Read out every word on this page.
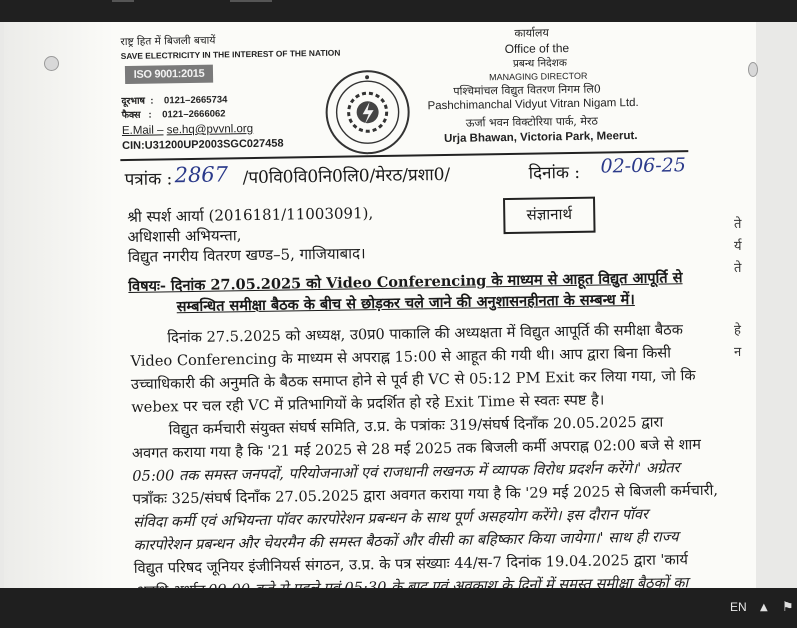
ते
र्य
ते
हे
न
राष्ट्र हित में बिजली बचायें
SAVE ELECTRICITY IN THE INTEREST OF THE NATION
ISO 9001:2015
दूरभाष  :    0121–2665734
फैक्स   :    0121–2666062
E.Mail – se.hq@pvvnl.org
CIN:U31200UP2003SGC027458
कार्यालय
Office of the
प्रबन्ध निदेशक
MANAGING DIRECTOR
पश्चिमांचल विद्युत वितरण निगम लि0
Pashchimanchal Vidyut Vitran Nigam Ltd.
ऊर्जा भवन विक्टोरिया पार्क, मेरठ
Urja Bhawan, Victoria Park, Meerut.
पत्रांक : 2867 /प0वि0वि0नि0लि0/मेरठ/प्रशा0/	दिनांक : 02-06-25
श्री स्पर्श आर्या (2016181/11003091),
अधिशासी अभियन्ता,
विद्युत नगरीय वितरण खण्ड–5, गाजियाबाद।
संज्ञानार्थ
विषयः- दिनांक 27.05.2025 को Video Conferencing के माध्यम से आहूत विद्युत आपूर्ति से
सम्बन्धित समीक्षा बैठक के बीच से छोड़कर चले जाने की अनुशासनहीनता के सम्बन्ध में।
दिनांक 27.5.2025 को अध्यक्ष, उ0प्र0 पाकालि की अध्यक्षता में विद्युत आपूर्ति की समीक्षा बैठक
Video Conferencing के माध्यम से अपराह्न 15:00 से आहूत की गयी थी। आप द्वारा बिना किसी
उच्चाधिकारी की अनुमति के बैठक समाप्त होने से पूर्व ही VC से 05:12 PM Exit कर लिया गया, जो कि
webex पर चल रही VC में प्रतिभागियों के प्रदर्शित हो रहे Exit Time से स्वतः स्पष्ट है।
विद्युत कर्मचारी संयुक्त संघर्ष समिति, उ.प्र. के पत्रांकः 319/संघर्ष दिनाँक 20.05.2025 द्वारा
अवगत कराया गया है कि '21 मई 2025 से 28 मई 2025 तक बिजली कर्मी अपराह्न 02:00 बजे से शाम
05:00 तक समस्त जनपदों, परियोजनाओं एवं राजधानी लखनऊ में व्यापक विरोध प्रदर्शन करेंगे।' अग्रेतर
पत्राँकः 325/संघर्ष दिनाँक 27.05.2025 द्वारा अवगत कराया गया है कि '29 मई 2025 से बिजली कर्मचारी,
संविदा कर्मी एवं अभियन्ता पॉवर कारपोरेशन प्रबन्धन के साथ पूर्ण असहयोग करेंगे। इस दौरान पॉवर
कारपोरेशन प्रबन्धन और चेयरमैन की समस्त बैठकों और वीसी का बहिष्कार किया जायेगा।' साथ ही राज्य
विद्युत परिषद जूनियर इंजीनियर्स संगठन, उ.प्र. के पत्र संख्याः 44/स-7 दिनांक 19.04.2025 द्वारा 'कार्य
EN ▲ ⚑
